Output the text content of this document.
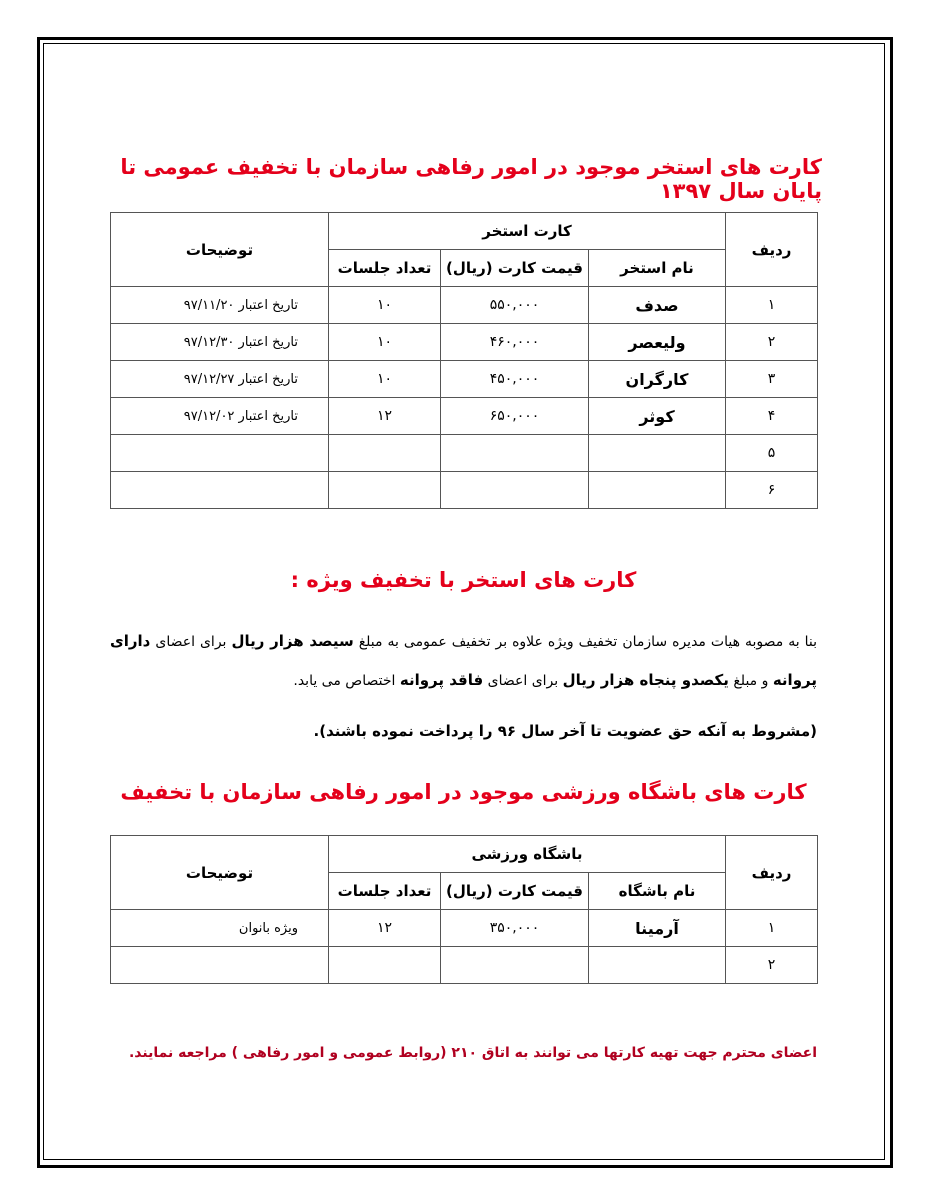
کارت های استخر موجود در امور رفاهی سازمان با تخفیف عمومی تا پایان سال ۱۳۹۷
ردیف	کارت استخر			توضیحات
	نام استخر	قیمت کارت (ریال)	تعداد جلسات	
۱	صدف	۵۵۰,۰۰۰	۱۰	تاریخ اعتبار ۹۷/۱۱/۲۰
۲	ولیعصر	۴۶۰,۰۰۰	۱۰	تاریخ اعتبار ۹۷/۱۲/۳۰
۳	کارگران	۴۵۰,۰۰۰	۱۰	تاریخ اعتبار ۹۷/۱۲/۲۷
۴	کوثر	۶۵۰,۰۰۰	۱۲	تاریخ اعتبار ۹۷/۱۲/۰۲
۵				
۶				
کارت های استخر با تخفیف ویژه :
بنا به مصوبه هیات مدیره سازمان تخفیف ویژه علاوه بر تخفیف عمومی به مبلغ سیصد هزار ریال برای اعضای دارای پروانه و مبلغ یکصدو پنجاه هزار ریال برای اعضای فاقد پروانه اختصاص می یابد.
(مشروط به آنکه حق عضویت تا آخر سال ۹۶ را پرداخت نموده باشند).
کارت های باشگاه ورزشی موجود در امور رفاهی سازمان با تخفیف
ردیف	باشگاه ورزشی			توضیحات
	نام باشگاه	قیمت کارت (ریال)	تعداد جلسات	
۱	آرمینا	۳۵۰,۰۰۰	۱۲	ویژه بانوان
۲				
اعضای محترم جهت تهیه کارتها می توانند به اتاق ۲۱۰ (روابط عمومی و امور رفاهی ) مراجعه نمایند.
